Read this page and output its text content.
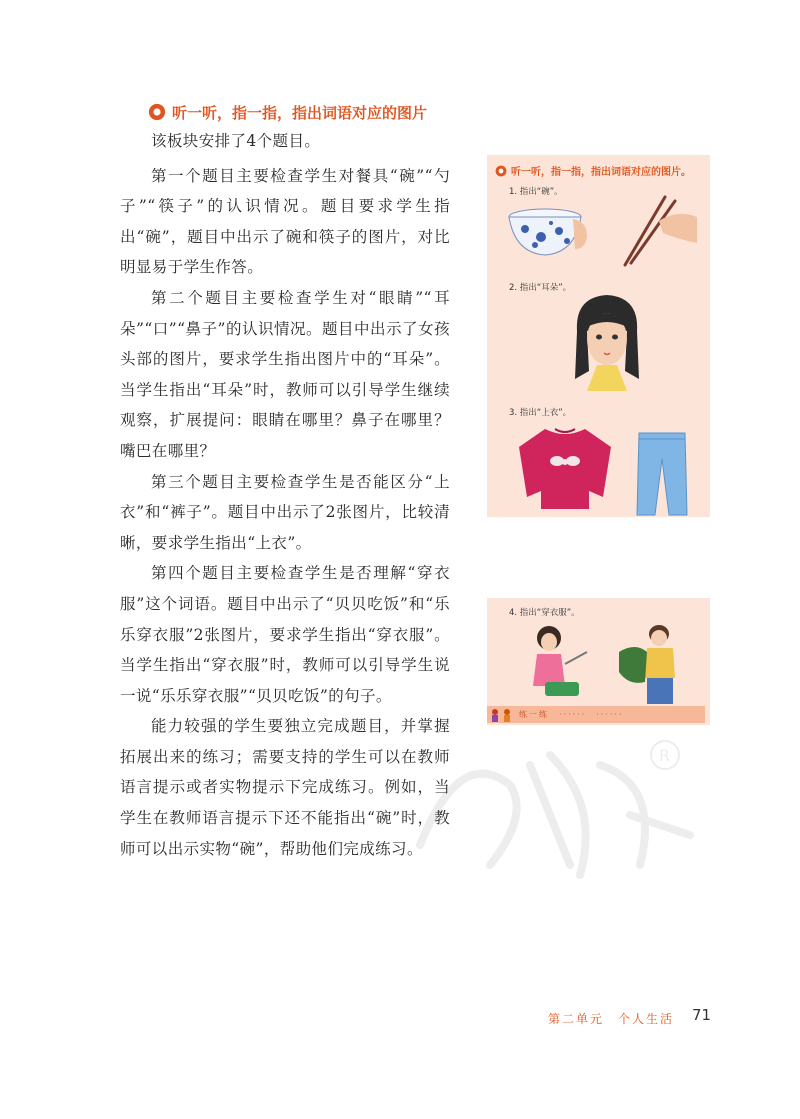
R
听一听，指一指，指出词语对应的图片

该板块安排了4个题目。

第一个题目主要检查学生对餐具“碗”“勺子”“筷子”的认识情况。题目要求学生指出“碗”，题目中出示了碗和筷子的图片，对比明显易于学生作答。

第二个题目主要检查学生对“眼睛”“耳朵”“口”“鼻子”的认识情况。题目中出示了女孩头部的图片，要求学生指出图片中的“耳朵”。当学生指出“耳朵”时，教师可以引导学生继续观察，扩展提问：眼睛在哪里？鼻子在哪里？嘴巴在哪里？

第三个题目主要检查学生是否能区分“上衣”和“裤子”。题目中出示了2张图片，比较清晰，要求学生指出“上衣”。

第四个题目主要检查学生是否理解“穿衣服”这个词语。题目中出示了“贝贝吃饭”和“乐乐穿衣服”2张图片，要求学生指出“穿衣服”。当学生指出“穿衣服”时，教师可以引导学生说一说“乐乐穿衣服”“贝贝吃饭”的句子。

能力较强的学生要独立完成题目，并掌握拓展出来的练习；需要支持的学生可以在教师语言提示或者实物提示下完成练习。例如，当学生在教师语言提示下还不能指出“碗”时，教师可以出示实物“碗”，帮助他们完成练习。

听一听，指一指，指出词语对应的图片。
1. 指出“碗”。
2. 指出“耳朵”。
3. 指出“上衣”。
4. 指出“穿衣服”。
练一练　······　······
第二单元　个人生活 71
